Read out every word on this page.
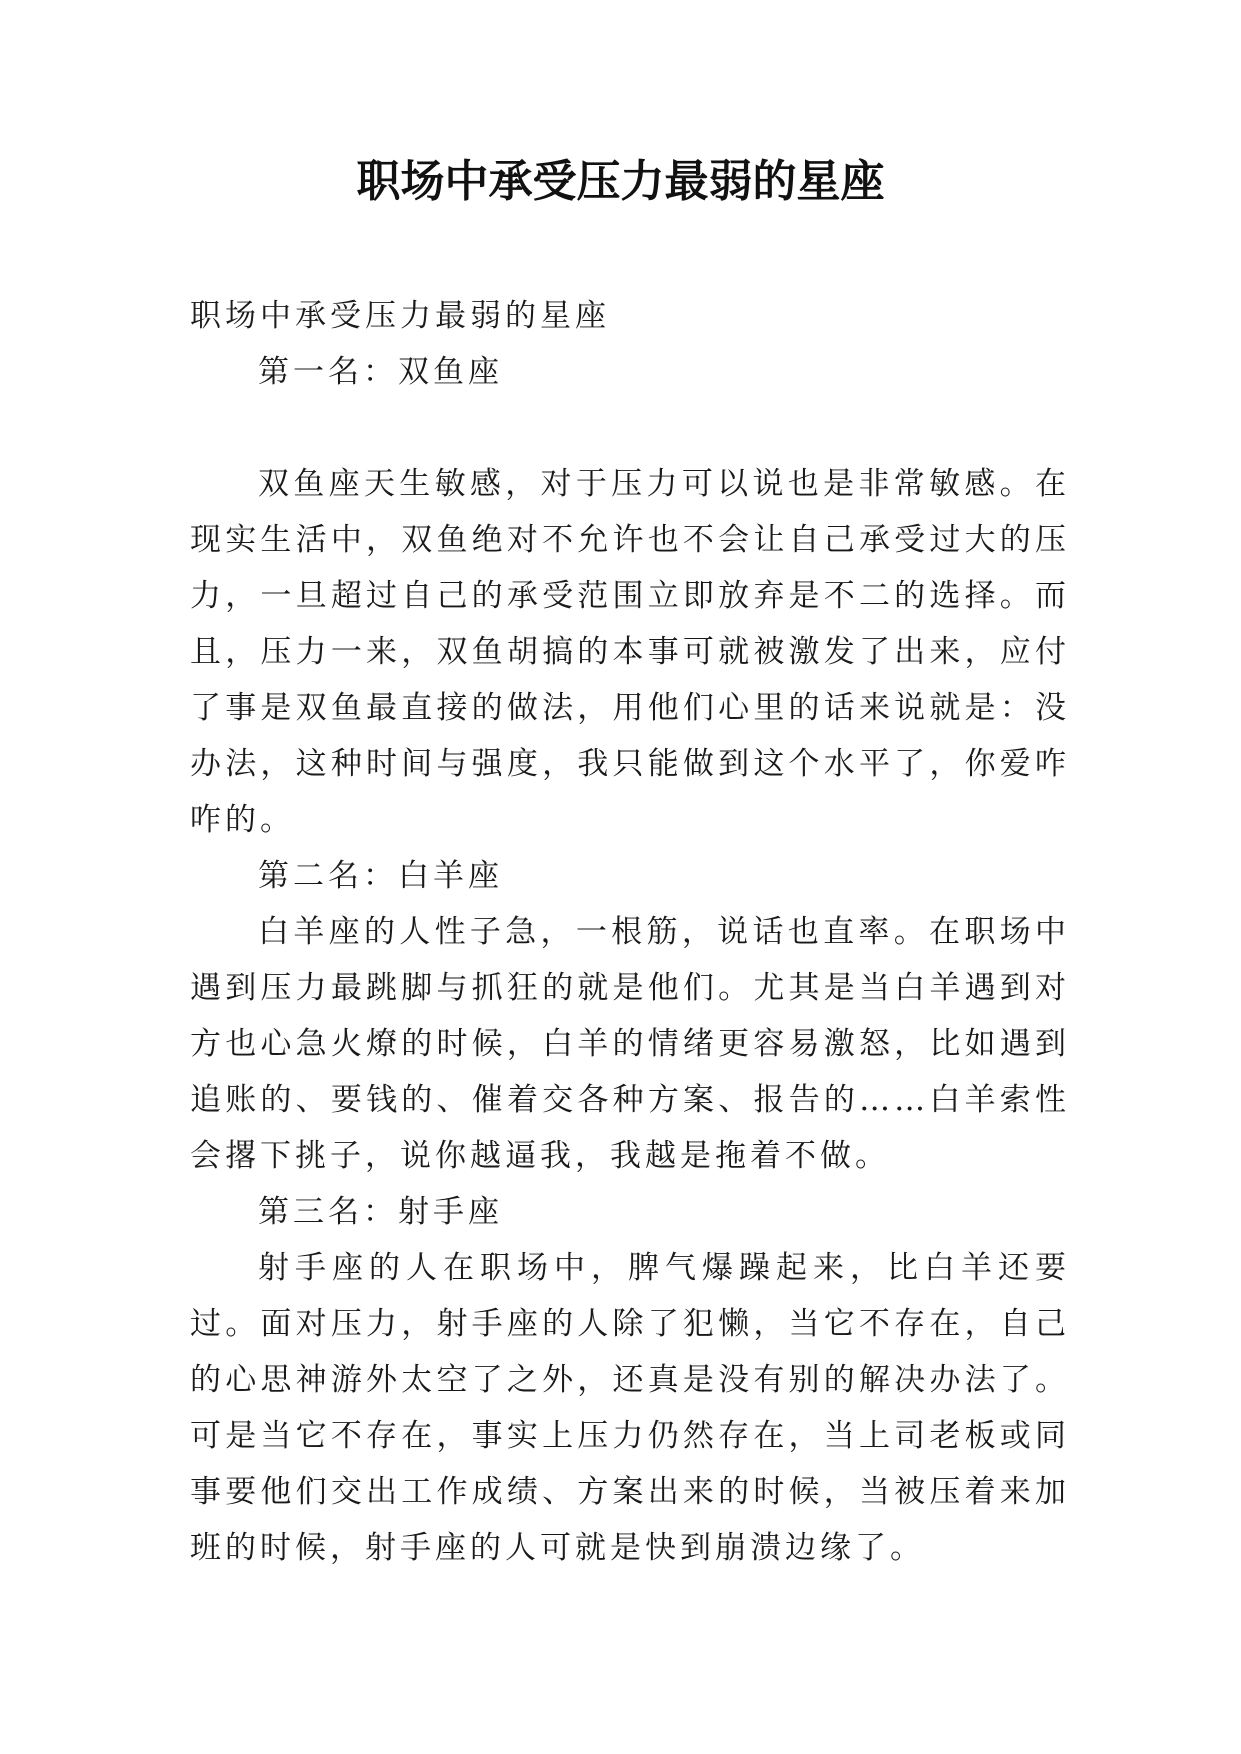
职场中承受压力最弱的星座

职场中承受压力最弱的星座

第一名：双鱼座

双鱼座天生敏感，对于压力可以说也是非常敏感。在现实生活中，双鱼绝对不允许也不会让自己承受过大的压力，一旦超过自己的承受范围立即放弃是不二的选择。而且，压力一来，双鱼胡搞的本事可就被激发了出来，应付了事是双鱼最直接的做法，用他们心里的话来说就是：没办法，这种时间与强度，我只能做到这个水平了，你爱咋咋的。

第二名：白羊座

白羊座的人性子急，一根筋，说话也直率。在职场中遇到压力最跳脚与抓狂的就是他们。尤其是当白羊遇到对方也心急火燎的时候，白羊的情绪更容易激怒，比如遇到追账的、要钱的、催着交各种方案、报告的……白羊索性会撂下挑子，说你越逼我，我越是拖着不做。

第三名：射手座

射手座的人在职场中，脾气爆躁起来，比白羊还要过。面对压力，射手座的人除了犯懒，当它不存在，自己的心思神游外太空了之外，还真是没有别的解决办法了。可是当它不存在，事实上压力仍然存在，当上司老板或同事要他们交出工作成绩、方案出来的时候，当被压着来加班的时候，射手座的人可就是快到崩溃边缘了。
